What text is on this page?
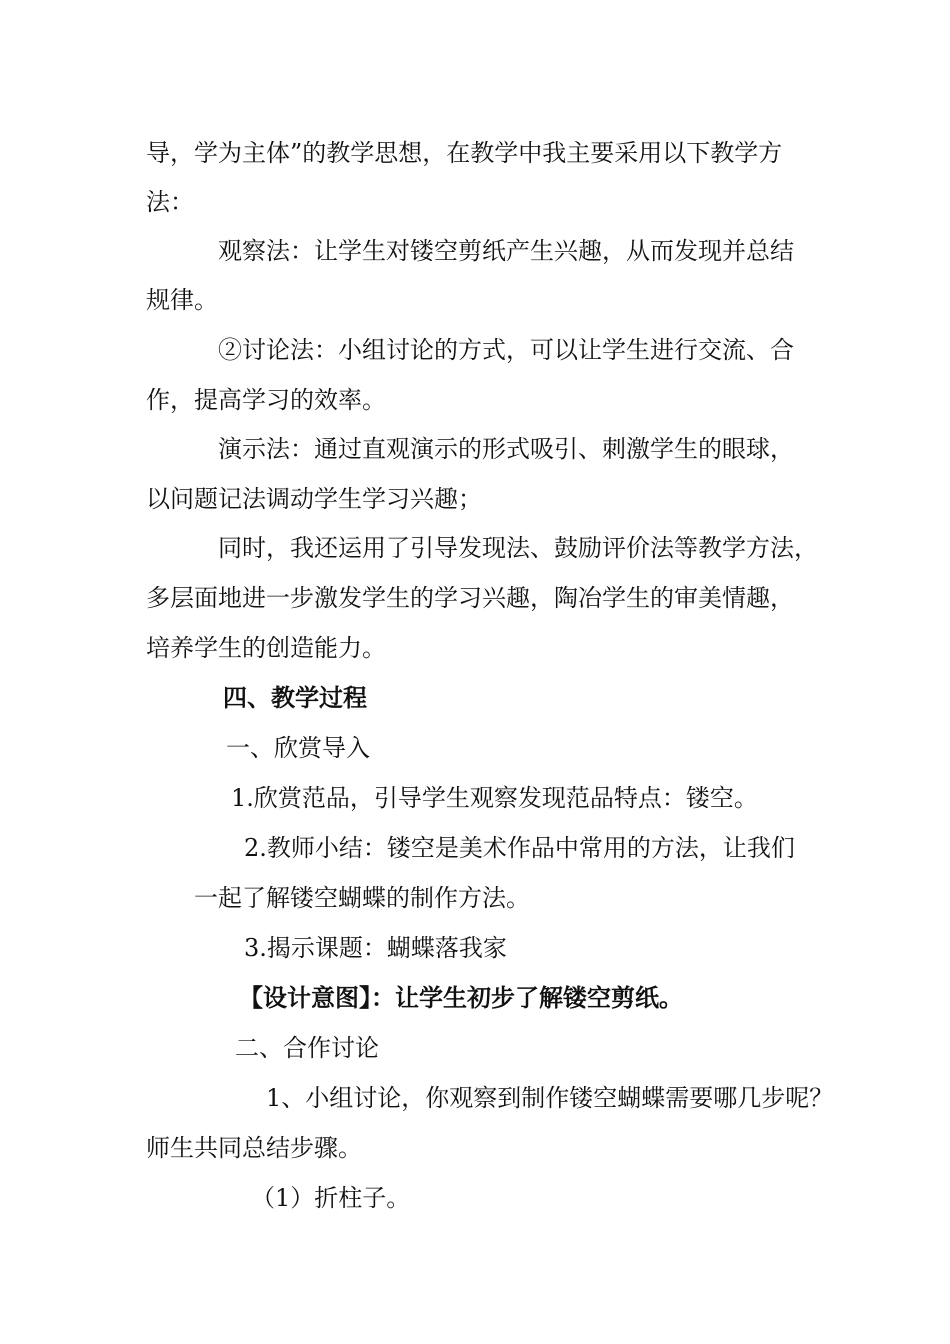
导，学为主体”的教学思想，在教学中我主要采用以下教学方
法：
观察法：让学生对镂空剪纸产生兴趣，从而发现并总结
规律。
②讨论法：小组讨论的方式，可以让学生进行交流、合
作，提高学习的效率。
演示法：通过直观演示的形式吸引、刺激学生的眼球，
以问题记法调动学生学习兴趣；
同时，我还运用了引导发现法、鼓励评价法等教学方法，
多层面地进一步激发学生的学习兴趣，陶冶学生的审美情趣，
培养学生的创造能力。
四、教学过程
一、欣赏导入
1.欣赏范品，引导学生观察发现范品特点：镂空。
2.教师小结：镂空是美术作品中常用的方法，让我们
一起了解镂空蝴蝶的制作方法。
3.揭示课题：蝴蝶落我家
【设计意图】：让学生初步了解镂空剪纸。
二、合作讨论
1、小组讨论，你观察到制作镂空蝴蝶需要哪几步呢？
师生共同总结步骤。
（1）折柱子。
